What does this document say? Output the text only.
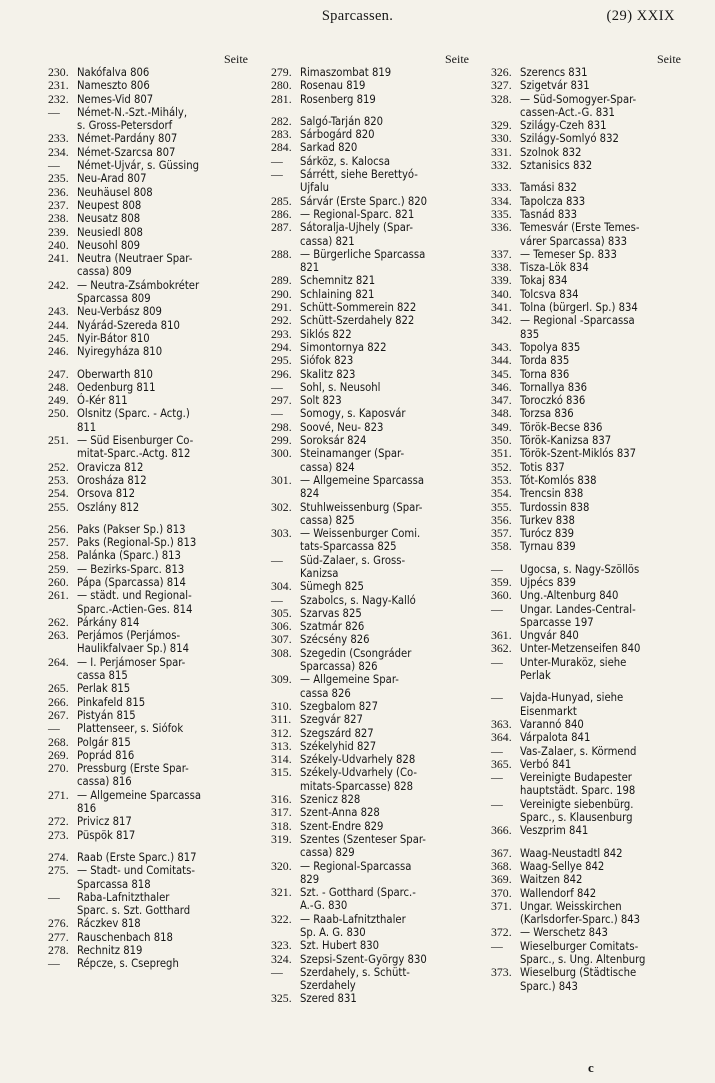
Sparcassen.	(29) XXIX
Seite
230. Nakófalva 806
231. Nameszto 806
232. Nemes-Vid 807
—	Német-N.-Szt.-Mihály,
s. Gross-Petersdorf
233. Német-Pardány 807
234. Német-Szarcsa 807
—	Német-Ujvár, s. Güssing
235. Neu-Arad 807
236. Neuhäusel 808
237. Neupest 808
238. Neusatz 808
239. Neusiedl 808
240. Neusohl 809
241. Neutra (Neutraer Spar-
cassa) 809
242. — Neutra-Zsámbokréter
Sparcassa 809
243. Neu-Verbász 809
244. Nyárád-Szereda 810
245. Nyir-Bátor 810
246. Nyiregyháza 810
247. Oberwarth 810
248. Oedenburg 811
249. Ó-Kér 811
250. Olsnitz (Sparc. - Actg.)
811
251. — Süd Eisenburger Co-
mitat-Sparc.-Actg. 812
252. Oravicza 812
253. Orosháza 812
254. Orsova 812
255. Oszlány 812
256. Paks (Pakser Sp.) 813
257. Paks (Regional-Sp.) 813
258. Palánka (Sparc.) 813
259. — Bezirks-Sparc. 813
260. Pápa (Sparcassa) 814
261. — städt. und Regional-
Sparc.-Actien-Ges. 814
262. Párkány 814
263. Perjámos (Perjámos-
Haulikfalvaer Sp.) 814
264. — I. Perjámoser Spar-
cassa 815
265. Perlak 815
266. Pinkafeld 815
267. Pistyán 815
—	Plattenseer, s. Siófok
268. Polgár 815
269. Poprád 816
270. Pressburg (Erste Spar-
cassa) 816
271. — Allgemeine Sparcassa
816
272. Privicz 817
273. Püspök 817
274. Raab (Erste Sparc.) 817
275. — Stadt- und Comitats-
Sparcassa 818
—	Raba-Lafnitzthaler
Sparc. s. Szt. Gotthard
276. Ráczkev 818
277. Rauschenbach 818
278. Rechnitz 819
—	Répcze, s. Csepregh
Seite
279. Rimaszombat 819
280. Rosenau 819
281. Rosenberg 819
282. Salgó-Tarján 820
283. Sárbogárd 820
284. Sarkad 820
—	Sárköz, s. Kalocsa
—	Sárrétt, siehe Berettyó-
Ujfalu
285. Sárvár (Erste Sparc.) 820
286. — Regional-Sparc. 821
287. Sátoralja-Ujhely (Spar-
cassa) 821
288. — Bürgerliche Sparcassa
821
289. Schemnitz 821
290. Schlaining 821
291. Schütt-Sommerein 822
292. Schütt-Szerdahely 822
293. Siklós 822
294. Simontornya 822
295. Siófok 823
296. Skalitz 823
—	Sohl, s. Neusohl
297. Solt 823
—	Somogy, s. Kaposvár
298. Soové, Neu- 823
299. Soroksár 824
300. Steinamanger (Spar-
cassa) 824
301. — Allgemeine Sparcassa
824
302. Stuhlweissenburg (Spar-
cassa) 825
303. — Weissenburger Comi.
tats-Sparcassa 825
—	Süd-Zalaer, s. Gross-
Kanizsa
304. Sümegh 825
—	Szabolcs, s. Nagy-Kalló
305. Szarvas 825
306. Szatmár 826
307. Szécsény 826
308. Szegedin (Csongráder
Sparcassa) 826
309. — Allgemeine Spar-
cassa 826
310. Szegbalom 827
311. Szegvár 827
312. Szegszárd 827
313. Székelyhid 827
314. Székely-Udvarhely 828
315. Székely-Udvarhely (Co-
mitats-Sparcasse) 828
316. Szenicz 828
317. Szent-Anna 828
318. Szent-Endre 829
319. Szentes (Szenteser Spar-
cassa) 829
320. — Regional-Sparcassa
829
321. Szt. - Gotthard (Sparc.-
A.-G. 830
322. — Raab-Lafnitzthaler
Sp. A. G. 830
323. Szt. Hubert 830
324. Szepsi-Szent-György 830
—	Szerdahely, s. Schütt-
Szerdahely
325. Szered 831
Seite
326. Szerencs 831
327. Szigetvár 831
328. — Süd-Somogyer-Spar-
cassen-Act.-G. 831
329. Szilágy-Czeh 831
330. Szilágy-Somlyó 832
331. Szolnok 832
332. Sztanisics 832
333. Tamási 832
334. Tapolcza 833
335. Tasnád 833
336. Temesvár (Erste Temes-
várer Sparcassa) 833
337. — Temeser Sp. 833
338. Tisza-Lök 834
339. Tokaj 834
340. Tolcsva 834
341. Tolna (bürgerl. Sp.) 834
342. — Regional -Sparcassa
835
343. Topolya 835
344. Torda 835
345. Torna 836
346. Tornallya 836
347. Toroczkó 836
348. Torzsa 836
349. Török-Becse 836
350. Török-Kanizsa 837
351. Török-Szent-Miklós 837
352. Totis 837
353. Tót-Komlós 838
354. Trencsin 838
355. Turdossin 838
356. Turkev 838
357. Turócz 839
358. Tyrnau 839
—	Ugocsa, s. Nagy-Szöllös
359. Ujpécs 839
360. Ung.-Altenburg 840
—	Ungar. Landes-Central-
Sparcasse 197
361. Ungvár 840
362. Unter-Metzenseifen 840
—	Unter-Muraköz, siehe
Perlak
—	Vajda-Hunyad, siehe
Eisenmarkt
363. Varannó 840
364. Várpalota 841
—	Vas-Zalaer, s. Körmend
365. Verbó 841
—	Vereinigte Budapester
hauptstädt. Sparc. 198
—	Vereinigte siebenbürg.
Sparc., s. Klausenburg
366. Veszprim 841
367. Waag-Neustadtl 842
368. Waag-Sellye 842
369. Waitzen 842
370. Wallendorf 842
371. Ungar. Weisskirchen
(Karlsdorfer-Sparc.) 843
372. — Werschetz 843
—	Wieselburger Comitats-
Sparc., s. Ung. Altenburg
373. Wieselburg (Städtische
Sparc.) 843
c
